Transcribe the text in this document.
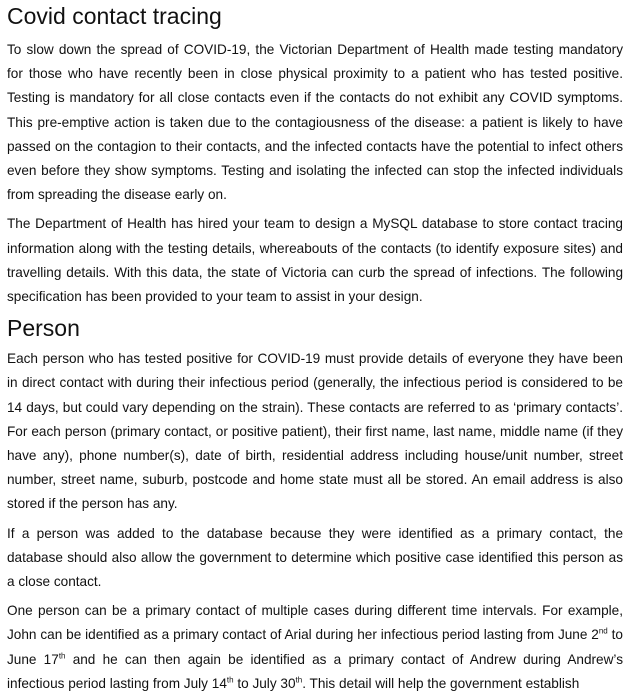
Covid contact tracing

To slow down the spread of COVID-19, the Victorian Department of Health made testing mandatory for those who have recently been in close physical proximity to a patient who has tested positive. Testing is mandatory for all close contacts even if the contacts do not exhibit any COVID symptoms. This pre-emptive action is taken due to the contagiousness of the disease: a patient is likely to have passed on the contagion to their contacts, and the infected contacts have the potential to infect others even before they show symptoms. Testing and isolating the infected can stop the infected individuals from spreading the disease early on.

The Department of Health has hired your team to design a MySQL database to store contact tracing information along with the testing details, whereabouts of the contacts (to identify exposure sites) and travelling details. With this data, the state of Victoria can curb the spread of infections. The following specification has been provided to your team to assist in your design.

Person

Each person who has tested positive for COVID-19 must provide details of everyone they have been in direct contact with during their infectious period (generally, the infectious period is considered to be 14 days, but could vary depending on the strain). These contacts are referred to as ‘primary contacts’. For each person (primary contact, or positive patient), their first name, last name, middle name (if they have any), phone number(s), date of birth, residential address including house/unit number, street number, street name, suburb, postcode and home state must all be stored. An email address is also stored if the person has any.

If a person was added to the database because they were identified as a primary contact, the database should also allow the government to determine which positive case identified this person as a close contact.

One person can be a primary contact of multiple cases during different time intervals. For example, John can be identified as a primary contact of Arial during her infectious period lasting from June 2nd to June 17th and he can then again be identified as a primary contact of Andrew during Andrew’s infectious period lasting from July 14th to July 30th. This detail will help the government establish
